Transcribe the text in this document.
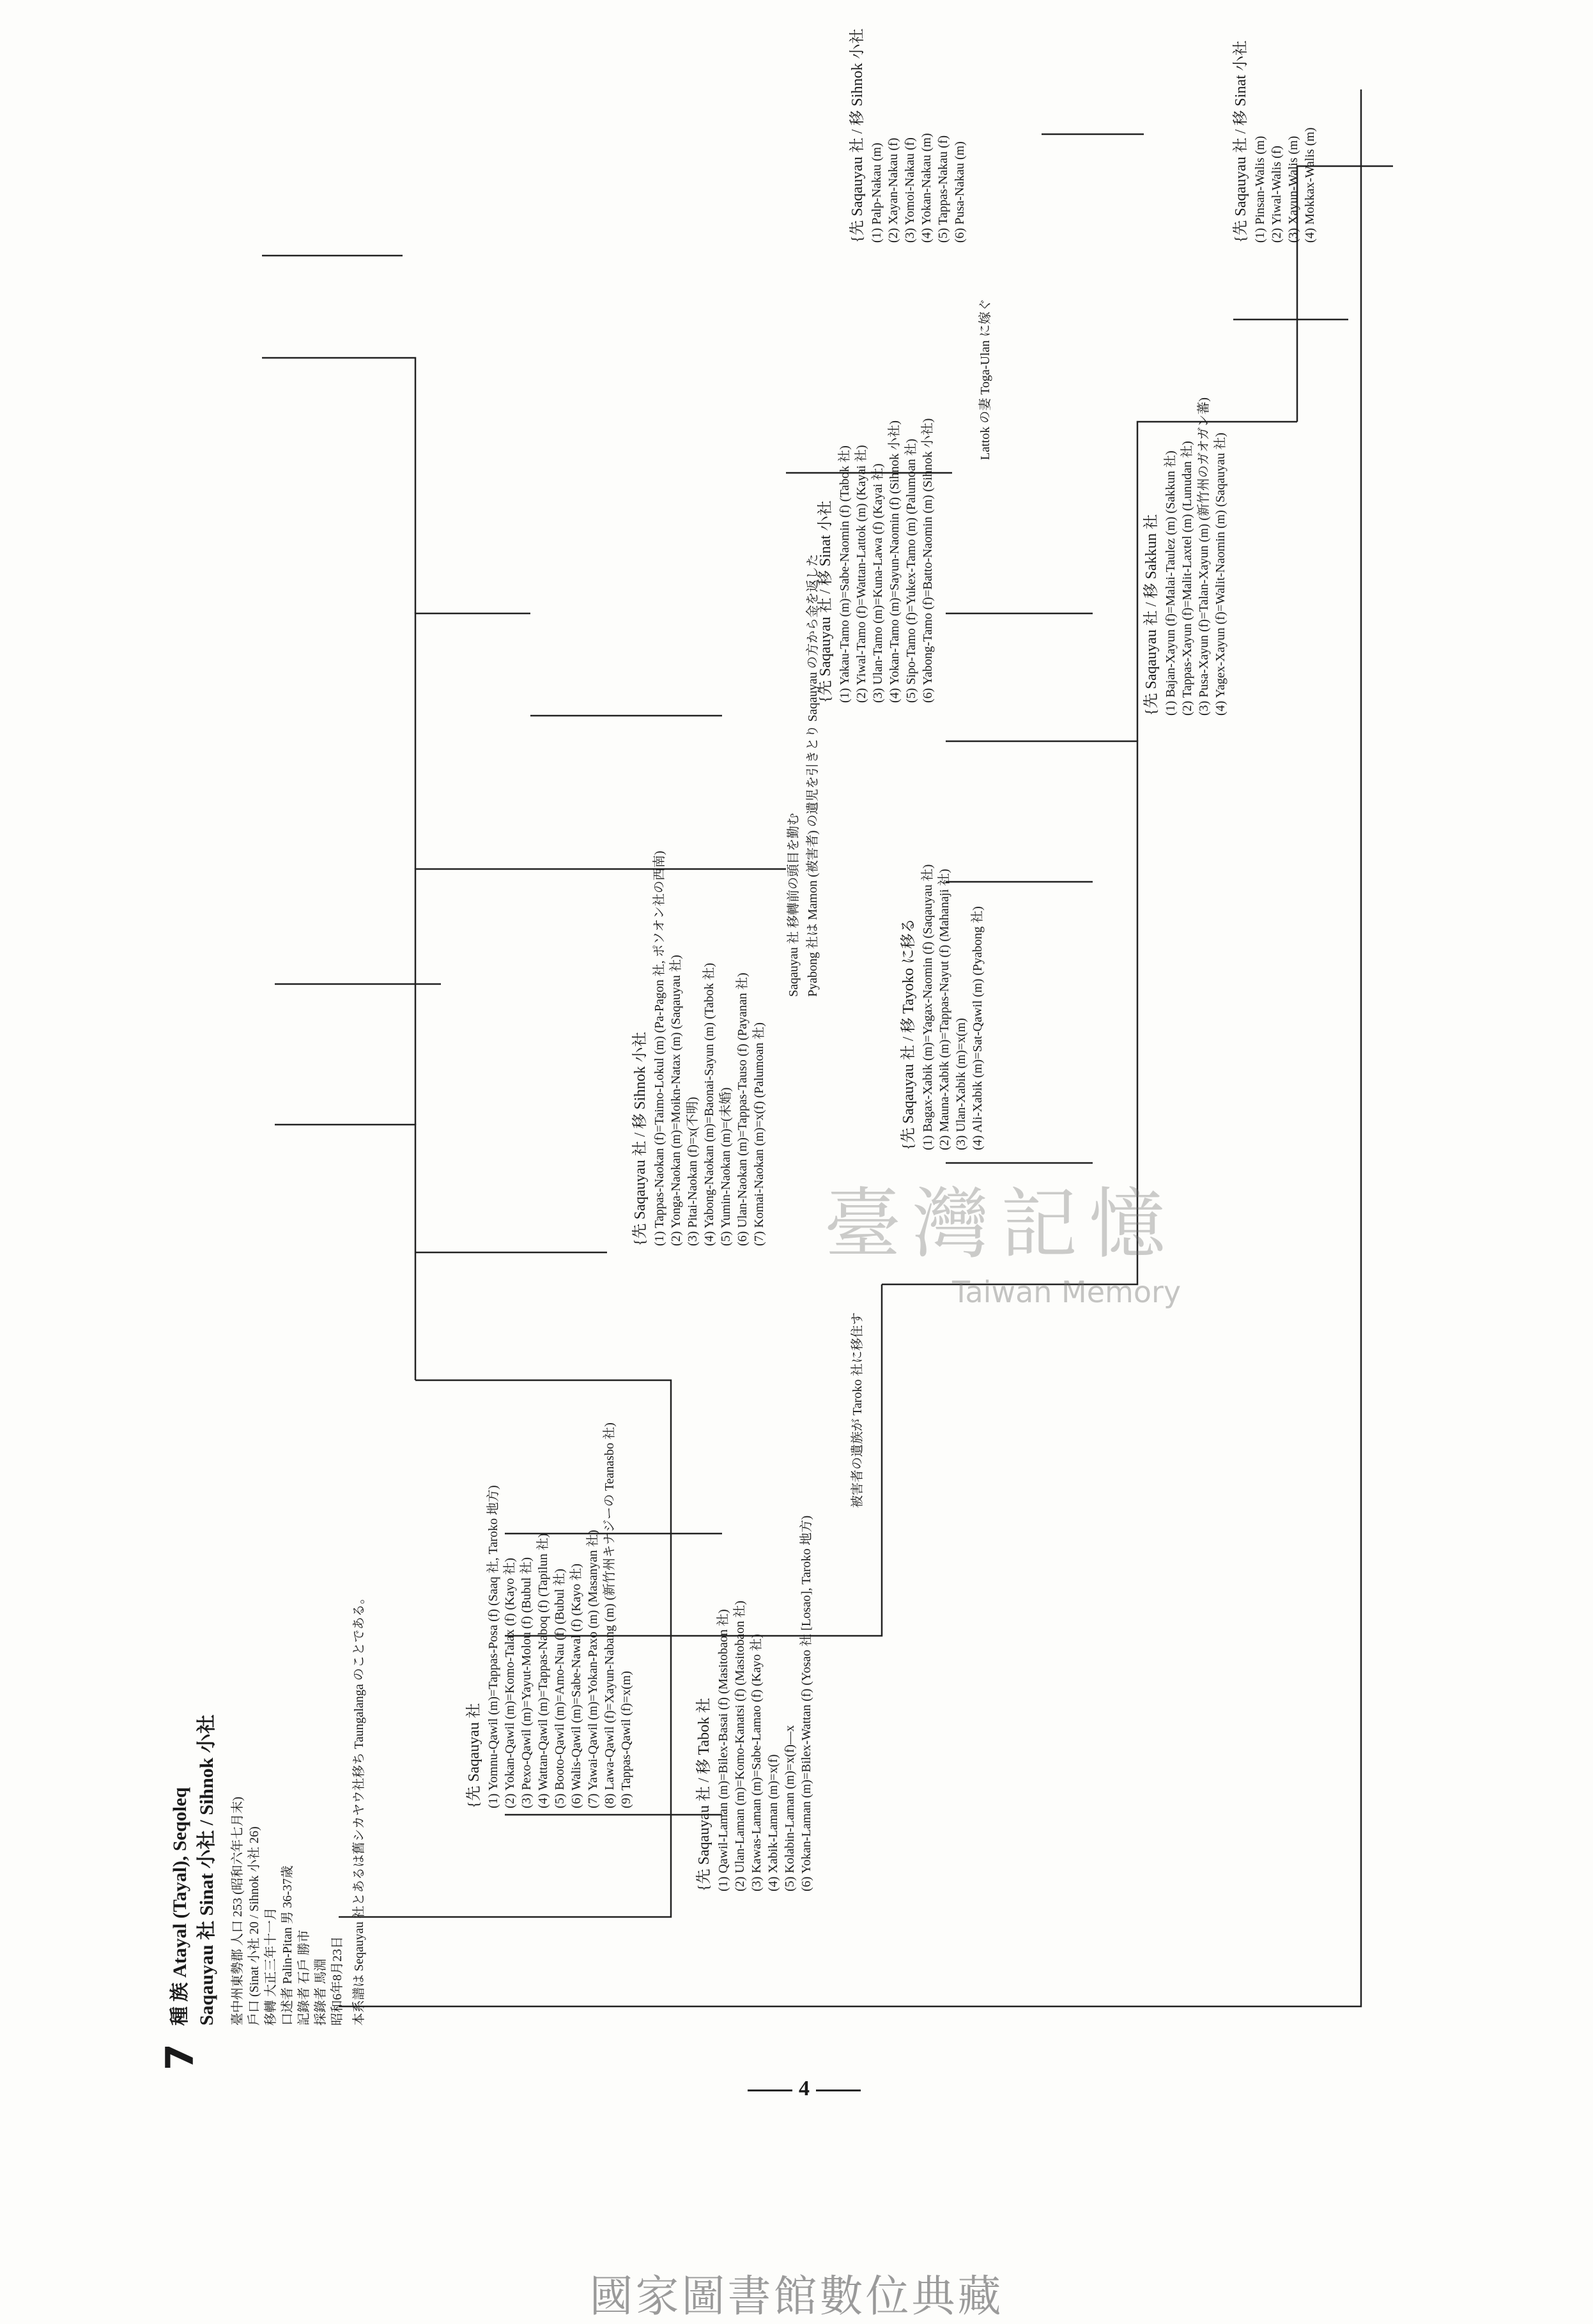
7
種 族 Atayal (Tayal), Seqoleq Saqauyau 社 Sinat 小社 / Sihnok 小社 臺中州東勢郡 人口 253 (昭和六年七月末) 戶口 (Sinat 小社 20 / Sihnok 小社 26) 移轉 大正三年十一月 口述者 Palin-Pitan 男 36-37歳 記錄者 石戶 勝市 採錄者 馬淵 昭和6年8月23日 本系譜は Seqauyau 社とあるは舊シカヤウ社移ち Taungalanga のことである。	{先 Saqauyau 社 (1) Yomnu-Qawil (m)=Tappas-Posa (f) (Saaq 社, Taroko 地方) (2) Yokan-Qawil (m)=Komo-Talax (f) (Kayo 社) (3) Pexo-Qawil (m)=Yayut-Molou (f) (Bubul 社) (4) Wattan-Qawil (m)=Tappas-Naboq (f) (Tapilun 社) (5) Booto-Qawil (m)=Amo-Nau (f) (Bubul 社) (6) Walis-Qawil (m)=Sabe-Nawal (f) (Kayo 社) (7) Yawai-Qawil (m)=Yokan-Paxo (m) (Masanyan 社) (8) Lawa-Qawil (f)=Xayun-Nabang (m) (新竹州キナジーの Teanasbo 社) (9) Tappas-Qawil (f)=x(m)	{先 Saqauyau 社 / 移 Tabok 社 (1) Qawil-Laman (m)=Bilex-Basai (f) (Masitobaon 社) (2) Ulan-Laman (m)=Komo-Kanatsi (f) (Masitobaon 社) (3) Kawas-Laman (m)=Sabe-Lamao (f) (Kayo 社) (4) Xabik-Laman (m)=x(f) (5) Kolabin-Laman (m)=x(f)—x (6) Yokan-Laman (m)=Bilex-Wattan (f) (Yosao 社 [Losao], Taroko 地方)
{先 Saqauyau 社 / 移 Sihnok 小社 (1) Tappas-Naokan (f)=Taimo-Lokul (m) (Pa-Pagon 社, ポソオン社の西南) (2) Yonga-Naokan (m)=Moikn-Natax (m) (Saqauyau 社) (3) Pitai-Naokan (f)=x(不明) (4) Yabong-Naokan (m)=Baonai-Sayun (m) (Tabok 社) (5) Yumin-Naokan (m)=(未婚) (6) Ulan-Naokan (m)=Tappas-Tauso (f) (Payanan 社) (7) Komai-Naokan (m)=x(f) (Palumoan 社)	{先 Saqauyau 社 / 移 Tayoko に移る (1) Bagax-Xabik (m)=Yagax-Naomin (f) (Saqauyau 社) (2) Mauna-Xabik (m)=Tappas-Nayut (f) (Mahanaji 社) (3) Ulan-Xabik (m)=x(m) (4) Ali-Xabik (m)=Sat-Qawil (m) (Pyabong 社)
{先 Saqauyau 社 / 移 Sinat 小社 (1) Yakau-Tamo (m)=Sabe-Naomin (f) (Tabok 社) (2) Yiwal-Tamo (f)=Wattan-Lattok (m) (Kayai 社) (3) Ulan-Tamo (m)=Kuna-Lawa (f) (Kayai 社) (4) Yokan-Tamo (m)=Sayun-Naomin (f) (Sihnok 小社) (5) Sipo-Tamo (f)=Yukex-Tamo (m) (Palumoan 社) (6) Yabong-Tamo (f)=Batto-Naomin (m) (Sihnok 小社)	{先 Saqauyau 社 / 移 Sakkun 社 (1) Bajan-Xayun (f)=Malai-Taulez (m) (Sakkun 社) (2) Tappas-Xayun (f)=Malit-Laxtel (m) (Lunudan 社) (3) Pusa-Xayun (f)=Talan-Xayun (m) (新竹州のガオガン蕃) (4) Yagex-Xayun (f)=Walit-Naomin (m) (Saqauyau 社)
{先 Saqauyau 社 / 移 Sihnok 小社 (1) Palp-Nakau (m) (2) Xayan-Nakau (f) (3) Yomoi-Nakau (f) (4) Yokan-Nakau (m) (5) Tappas-Nakau (f) (6) Pusa-Nakau (m)	{先 Saqauyau 社 / 移 Sinat 小社 (1) Pinsan-Walis (m) (2) Yiwal-Walis (f) (3) Xayun-Walis (m) (4) Mokkax-Walis (m)
Saqauyau 社 移轉前の頭目を勤む Pyabong 社は Mamon (被害者) の遺児を引きとり Saqauyau の方から金を返した
Lattok の妻 Toga-Ulan に嫁ぐ
被害者の遺族が Taroko 社に移住す
臺灣記憶
Taiwan Memory
4
國家圖書館數位典藏
